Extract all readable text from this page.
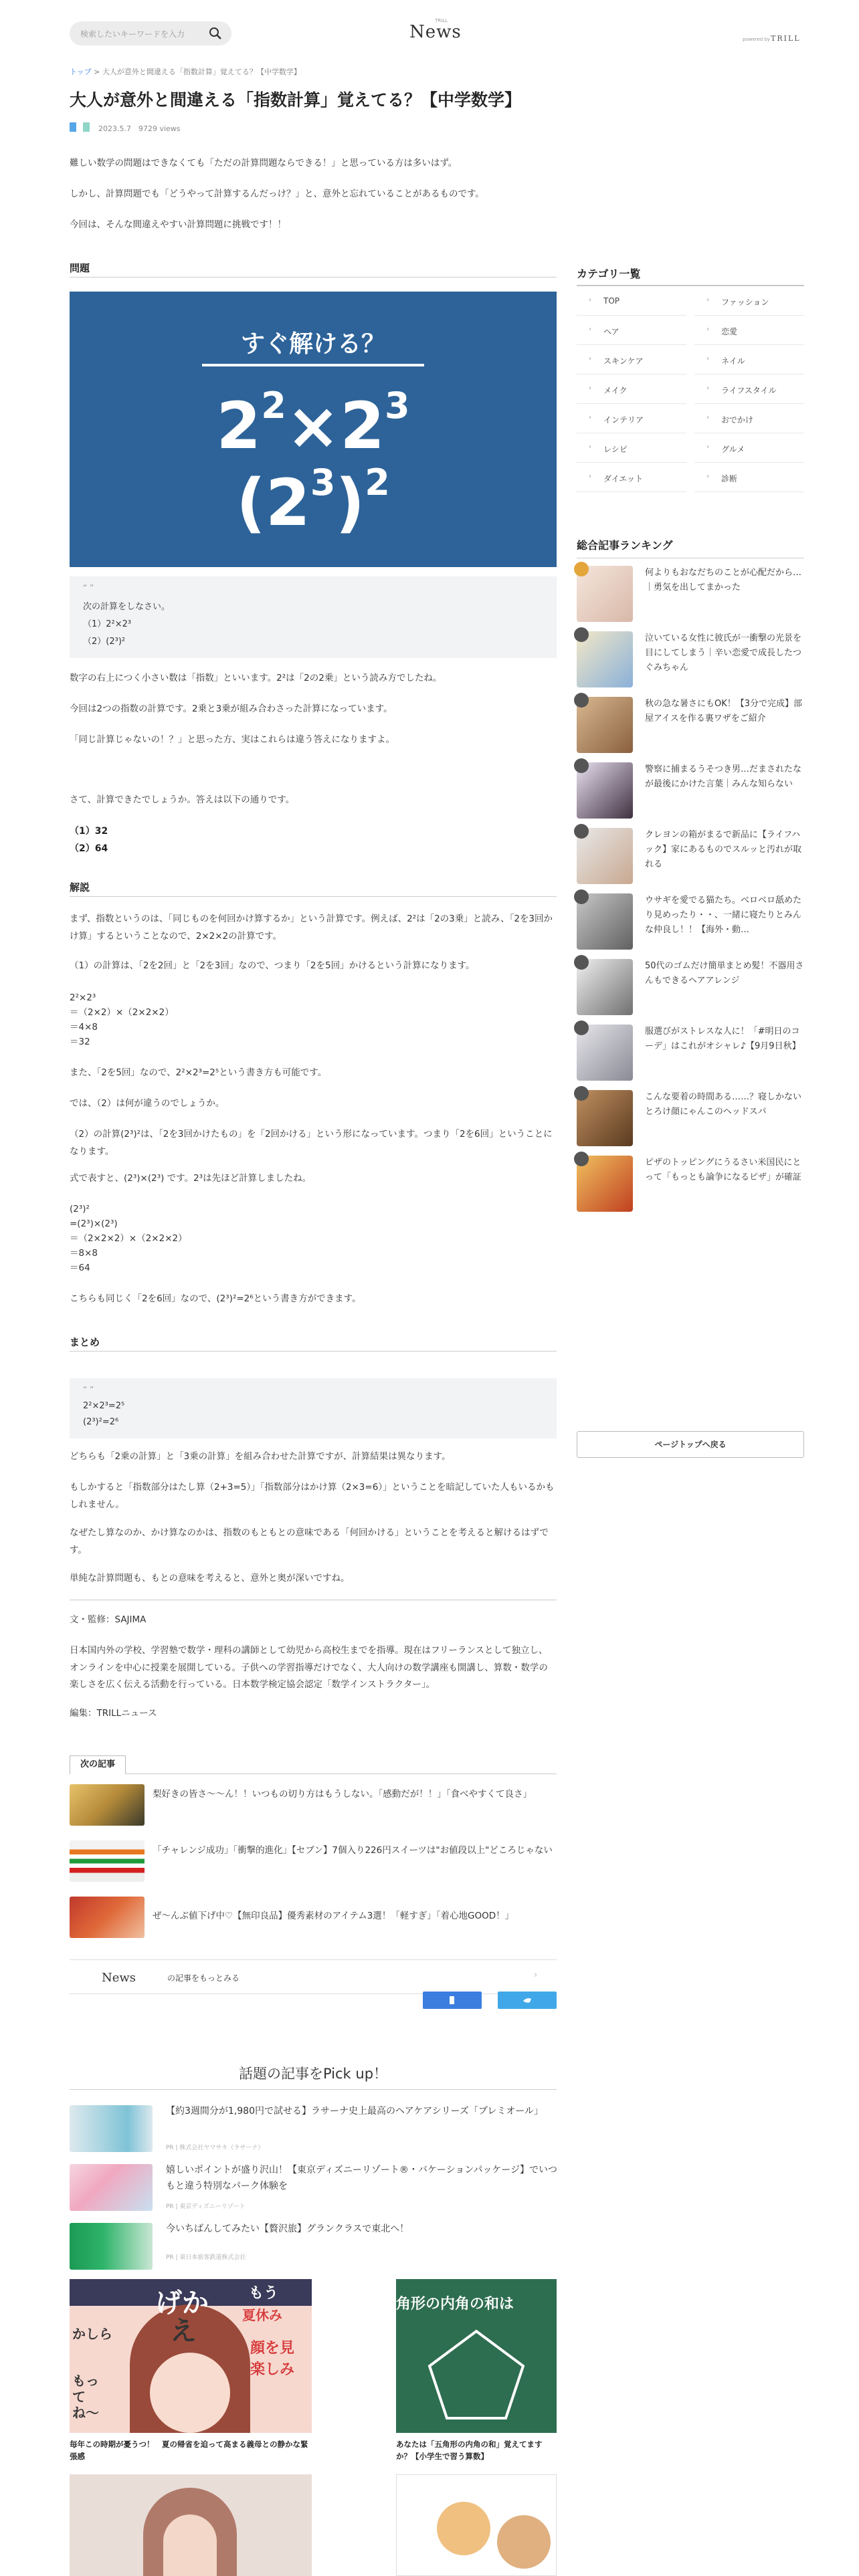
検索したいキーワードを入力
TRILL
News	powered by TRILL
トップ > 大人が意外と間違える「指数計算」覚えてる？【中学数学】
大人が意外と間違える「指数計算」覚えてる？【中学数学】
2023.5.7　 9729 views

難しい数学の問題はできなくても「ただの計算問題ならできる！」と思っている方は多いはず。

しかし、計算問題でも「どうやって計算するんだっけ？」と、意外と忘れていることがあるものです。

今回は、そんな間違えやすい計算問題に挑戦です！！

問題
すぐ解ける？
$2^2\times 2^3$
$(2^3)^2$
“ ”
次の計算をしなさい。
（1）2²×2³
（2）(2³)²

数字の右上につく小さい数は「指数」といいます。2²は「2の2乗」という読み方でしたね。

今回は2つの指数の計算です。2乗と3乗が組み合わさった計算になっています。

「同じ計算じゃないの！？」と思った方、実はこれらは違う答えになりますよ。

さて、計算できたでしょうか。答えは以下の通りです。

（1）32
（2）64
解説

まず、指数というのは、「同じものを何回かけ算するか」という計算です。例えば、2²は「2の3乗」と読み、「2を3回かけ算」するということなので、2×2×2の計算です。

（1）の計算は、「2を2回」と「2を3回」なので、つまり「2を5回」かけるという計算になります。

2²×2³

＝（2×2）×（2×2×2）

＝4×8

＝32

また、「2を5回」なので、2²×2³=2⁵という書き方も可能です。

では、（2）は何が違うのでしょうか。

（2）の計算(2³)²は、「2を3回かけたもの」を「2回かける」という形になっています。つまり「2を6回」ということになります。

式で表すと、(2³)×(2³) です。2³は先ほど計算しましたね。

(2³)²

=(2³)×(2³)

＝（2×2×2）×（2×2×2）

＝8×8

＝64

こちらも同じく「2を6回」なので、(2³)²=2⁶という書き方ができます。

まとめ
“ ”
2²×2³=2⁵
(2³)²=2⁶

どちらも「2乗の計算」と「3乗の計算」を組み合わせた計算ですが、計算結果は異なります。

もしかすると「指数部分はたし算（2+3=5）」「指数部分はかけ算（2×3=6）」ということを暗記していた人もいるかもしれません。

なぜたし算なのか、かけ算なのかは、指数のもともとの意味である「何回かける」ということを考えると解けるはずです。

単純な計算問題も、もとの意味を考えると、意外と奥が深いですね。

文・監修：SAJIMA

日本国内外の学校、学習塾で数学・理科の講師として幼児から高校生までを指導。現在はフリーランスとして独立し、オンラインを中心に授業を展開している。子供への学習指導だけでなく、大人向けの数学講座も開講し、算数・数学の楽しさを広く伝える活動を行っている。日本数学検定協会認定「数学インストラクター」。

編集：TRILLニュース

次の記事
梨好きの皆さ〜〜ん！！いつもの切り方はもうしない。「感動だが！！」「食べやすくて良さ」
「チャレンジ成功」「衝撃的進化」【セブン】7個入り226円スイーツは"お値段以上"どころじゃない
ぜ〜んぶ値下げ中♡【無印良品】優秀素材のアイテム3選！「軽すぎ」「着心地GOOD！」
News	の記事をもっとみる	›
話題の記事をPick up！
【約3週間分が1,980円で試せる】ラサーナ史上最高のヘアケアシリーズ「プレミオール」
PR | 株式会社ヤマサキ（ラサーナ）
嬉しいポイントが盛り沢山！【東京ディズニーリゾート®・バケーションパッケージ】でいつもと違う特別なパーク体験を
PR | 東京ディズニーリゾート
今いちばんしてみたい【贅沢旅】グランクラスで東北へ！
PR | 東日本旅客鉄道株式会社
もう
夏休み
顔を見
楽しみ
げか
え
かしら
もっ
て
ね〜
毎年この時期が憂うつ！　夏の帰省を迫って高まる義母との静かな緊張感
角形の内角の和は
あなたは「五角形の内角の和」覚えてますか？【小学生で習う算数】
カテゴリ一覧
› TOP	› ファッション
› ヘア	› 恋愛
› スキンケア	› ネイル
› メイク	› ライフスタイル
› インテリア	› おでかけ
› レシピ	› グルメ
› ダイエット	› 診断
総合記事ランキング
何よりもおなだちのことが心配だから…｜勇気を出してまかった
泣いている女性に彼氏が一衝撃の光景を目にしてしまう｜辛い恋愛で成長したつぐみちゃん
秋の急な暑さにもOK！【3分で完成】部屋アイスを作る裏ワザをご紹介
警察に捕まるうそつき男…だまされたなが最後にかけた言葉｜みんな知らない
クレヨンの箱がまるで新品に【ライフハック】家にあるものでスルッと汚れが取れる
ウサギを愛でる猫たち。ベロベロ舐めたり見めったり・・、一緒に寝たりとみんな仲良し！！【海外・動…
50代のゴムだけ簡単まとめ髪！不器用さんもできるヘアアレンジ
服選びがストレスな人に！「#明日のコーデ」はこれがオシャレ♪【9月9日秋】
こんな要着の時間ある……？寝しかないとろけ顔にゃんこのヘッドスパ
ピザのトッピングにうるさい米国民にとって「もっとも論争になるピザ」が確証
ページトップへ戻る
